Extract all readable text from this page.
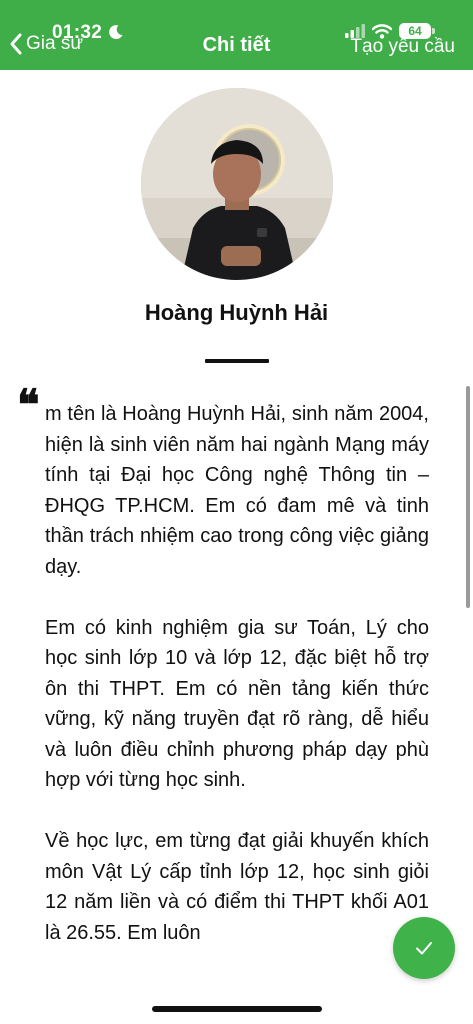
01:32
Gia sư	Chi tiết
64
Tạo yêu cầu
Hoàng Huỳnh Hải
❝ m tên là Hoàng Huỳnh Hải, sinh năm 2004, hiện là sinh viên năm hai ngành Mạng máy tính tại Đại học Công nghệ Thông tin – ĐHQG TP.HCM. Em có đam mê và tinh thần trách nhiệm cao trong công việc giảng dạy.

Em có kinh nghiệm gia sư Toán, Lý cho học sinh lớp 10 và lớp 12, đặc biệt hỗ trợ ôn thi THPT. Em có nền tảng kiến thức vững, kỹ năng truyền đạt rõ ràng, dễ hiểu và luôn điều chỉnh phương pháp dạy phù hợp với từng học sinh.

Về học lực, em từng đạt giải khuyến khích môn Vật Lý cấp tỉnh lớp 12, học sinh giỏi 12 năm liền và có điểm thi THPT khối A01 là 26.55. Em luôn
